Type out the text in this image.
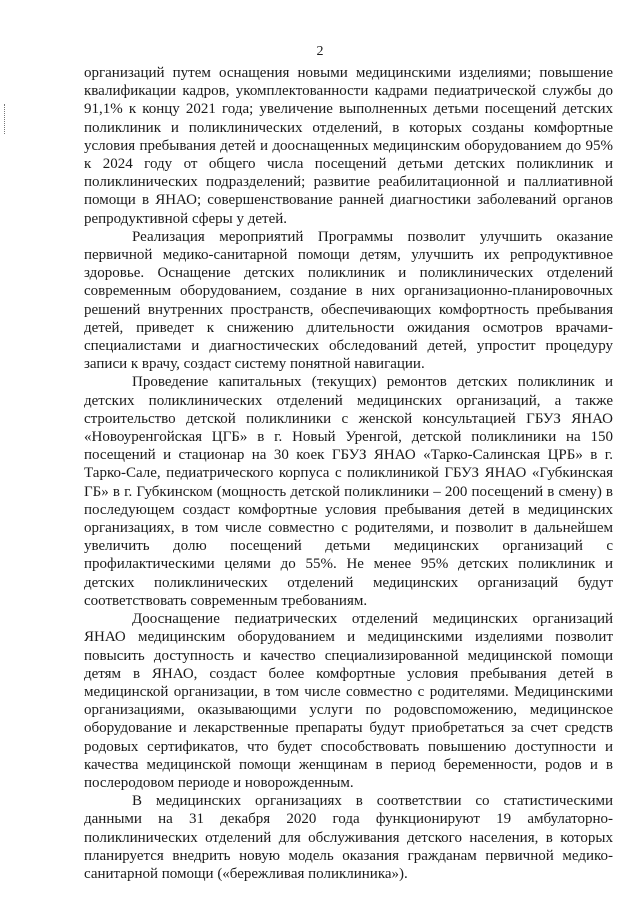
2

организаций путем оснащения новыми медицинскими изделиями; повышение квалификации кадров, укомплектованности кадрами педиатрической службы до 91,1% к концу 2021 года; увеличение выполненных детьми посещений детских поликлиник и поликлинических отделений, в которых созданы комфортные условия пребывания детей и дооснащенных медицинским оборудованием до 95% к 2024 году от общего числа посещений детьми детских поликлиник и поликлинических подразделений; развитие реабилитационной и паллиативной помощи в ЯНАО; совершенствование ранней диагностики заболеваний органов репродуктивной сферы у детей.

Реализация мероприятий Программы позволит улучшить оказание первичной медико-санитарной помощи детям, улучшить их репродуктивное здоровье. Оснащение детских поликлиник и поликлинических отделений современным оборудованием, создание в них организационно-планировочных решений внутренних пространств, обеспечивающих комфортность пребывания детей, приведет к снижению длительности ожидания осмотров врачами-специалистами и диагностических обследований детей, упростит процедуру записи к врачу, создаст систему понятной навигации.

Проведение капитальных (текущих) ремонтов детских поликлиник и детских поликлинических отделений медицинских организаций, а также строительство детской поликлиники с женской консультацией ГБУЗ ЯНАО «Новоуренгойская ЦГБ» в г. Новый Уренгой, детской поликлиники на 150 посещений и стационар на 30 коек ГБУЗ ЯНАО «Тарко-Салинская ЦРБ» в г. Тарко-Сале, педиатрического корпуса с поликлиникой ГБУЗ ЯНАО «Губкинская ГБ» в г. Губкинском (мощность детской поликлиники – 200 посещений в смену) в последующем создаст комфортные условия пребывания детей в медицинских организациях, в том числе совместно с родителями, и позволит в дальнейшем увеличить долю посещений детьми медицинских организаций с профилактическими целями до 55%. Не менее 95% детских поликлиник и детских поликлинических отделений медицинских организаций будут соответствовать современным требованиям.

Дооснащение педиатрических отделений медицинских организаций ЯНАО медицинским оборудованием и медицинскими изделиями позволит повысить доступность и качество специализированной медицинской помощи детям в ЯНАО, создаст более комфортные условия пребывания детей в медицинской организации, в том числе совместно с родителями. Медицинскими организациями, оказывающими услуги по родовспоможению, медицинское оборудование и лекарственные препараты будут приобретаться за счет средств родовых сертификатов, что будет способствовать повышению доступности и качества медицинской помощи женщинам в период беременности, родов и в послеродовом периоде и новорожденным.

В медицинских организациях в соответствии со статистическими данными на 31 декабря 2020 года функционируют 19 амбулаторно-поликлинических отделений для обслуживания детского населения, в которых планируется внедрить новую модель оказания гражданам первичной медико-санитарной помощи («бережливая поликлиника»).
